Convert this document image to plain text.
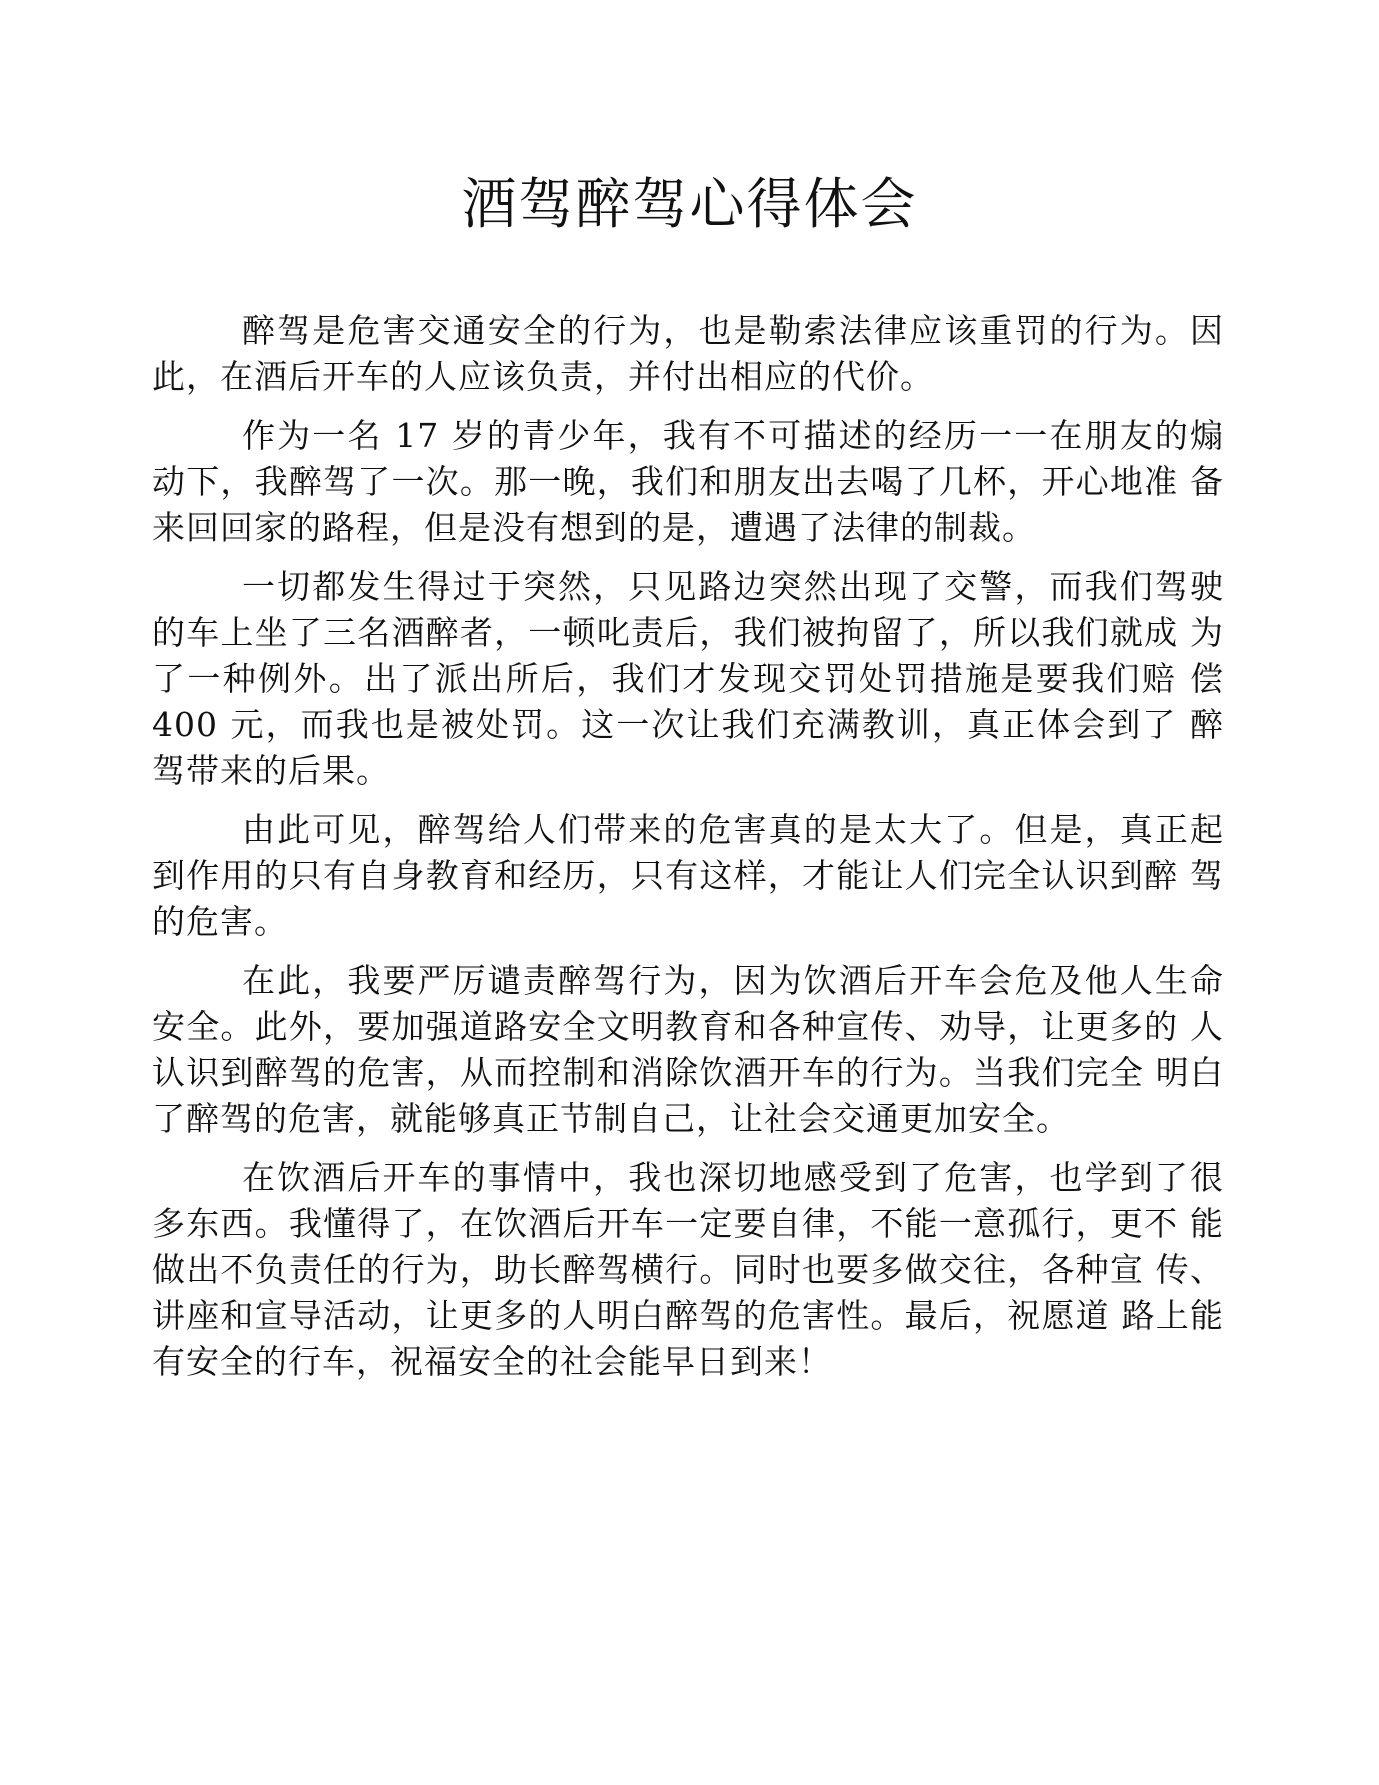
酒驾醉驾心得体会

醉驾是危害交通安全的行为，也是勒索法律应该重罚的行为。因 此，在酒后开车的人应该负责，并付出相应的代价。

作为一名 17 岁的青少年，我有不可描述的经历一一在朋友的煽 动下，我醉驾了一次。那一晚，我们和朋友出去喝了几杯，开心地准 备来回回家的路程，但是没有想到的是，遭遇了法律的制裁。

一切都发生得过于突然，只见路边突然出现了交警，而我们驾驶 的车上坐了三名酒醉者，一顿叱责后，我们被拘留了，所以我们就成 为了一种例外。出了派出所后，我们才发现交罚处罚措施是要我们赔 偿 400 元，而我也是被处罚。这一次让我们充满教训，真正体会到了 醉驾带来的后果。

由此可见，醉驾给人们带来的危害真的是太大了。但是，真正起 到作用的只有自身教育和经历，只有这样，才能让人们完全认识到醉 驾的危害。

在此，我要严厉谴责醉驾行为，因为饮酒后开车会危及他人生命 安全。此外，要加强道路安全文明教育和各种宣传、劝导，让更多的 人认识到醉驾的危害，从而控制和消除饮酒开车的行为。当我们完全 明白了醉驾的危害，就能够真正节制自己，让社会交通更加安全。

在饮酒后开车的事情中，我也深切地感受到了危害，也学到了很 多东西。我懂得了，在饮酒后开车一定要自律，不能一意孤行，更不 能做出不负责任的行为，助长醉驾横行。同时也要多做交往，各种宣 传、讲座和宣导活动，让更多的人明白醉驾的危害性。最后，祝愿道 路上能有安全的行车，祝福安全的社会能早日到来！
